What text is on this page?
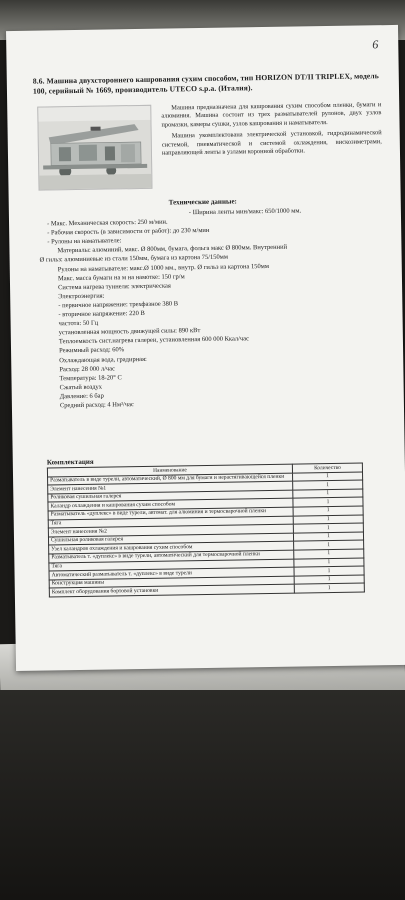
6
8.6. Машина двухстороннего кашрования сухим способом, тип HORIZON DT/II TRIPLEX, модель 100, серийный № 1669, производитель UTECO s.p.a. (Италия).

Машина предназначена для кашрования сухим способом пленки, бумаги и алюминия. Машина состоит из трех разматывателей рулонов, двух узлов промазки, камеры сушки, узлов кашрования и наматывателя.

Машина укомплектована электрической установкой, гидродинамической системой, пневматической и системой охлаждения, вискозиметрами, направляющей ленты в узлами коронной обработки.

Технические данные:
- Ширина ленты мин/макс: 650/1000 мм.
- Макс. Механическая скорость: 250 м/мин.
- Рабочая скорость (в зависимости от работ): до 230 м/мин
- Рулоны на наматывателе:
Материалы: алюминий, макс. Ø 800мм, бумага, фольга макс Ø 800мм. Внутренний
Ø гильз: алюминиевые из стали 150мм, бумага из картона 75/150мм
Рулоны на наматывателе: макс.Ø 1000 мм., внутр. Ø гильз из картона 150мм
Макс. масса бумаги на м на намотке: 150 гр/м
Система нагрева туннеля: электрическая
Электроэнергия:
- первичное напряжение: трехфазное 380 В
- вторичное напряжение: 220 В
частота: 50 Гц
установленная мощность движущей силы: 890 кВт
Теплоемкость сист.нагрева галереи, установленная 600 000 Ккал/час
Режимный расход: 60%
Охлаждающая вода, градирная:
Расход: 28 000 л/час
Температура: 18-20° С
Сжатый воздух
Давление: 6 бар
Средний расход: 4 Нм³/час
Комплектация
Наименование	Количество
Разматыватель в виде турели, автоматический, Ø 800 мм для бумаги и нерастягивающейся пленки	1
Элемент нанесения №1	1
Роликовая сушильная галерея	1
Каландр охлаждения и кашрования сухим способом	1
Разматыватель «дуплекс» в виде турели, автомат. для алюминия и термосварочной пленки	1
Тяга	1
Элемент нанесения №2	1
Сушильная роликовая галерея	1
Узел каландров охлаждения и кашрования сухим способом	1
Разматыватель т. «дуплекс» в виде турели, автоматический для термосварочной пленки	1
Тяга	1
Автоматический разматыватель т. «дуплекс» в виде турели	1
Конструкция машины	1
Комплект оборудования бортовой установки	1
